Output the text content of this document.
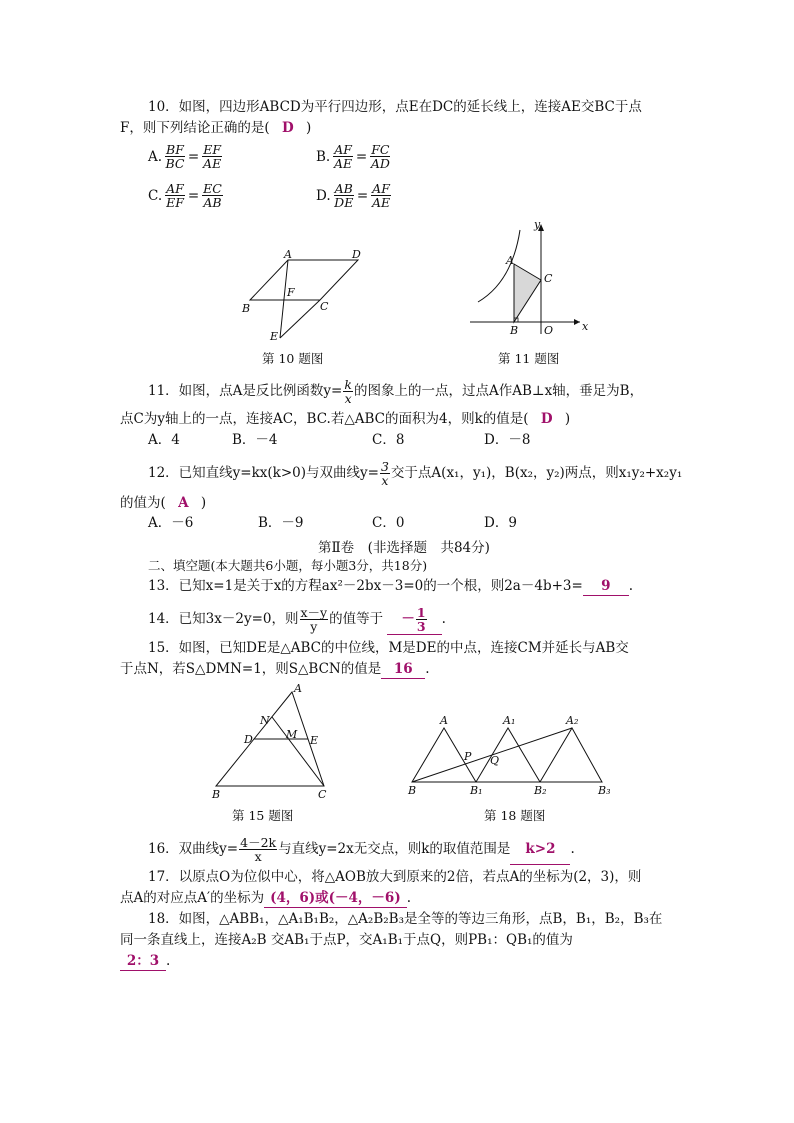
10．如图，四边形ABCD为平行四边形，点E在DC的延长线上，连接AE交BC于点
F，则下列结论正确的是( D )
A. $\frac{BF}{BC} = \frac{EF}{AE}$	B. $\frac{AF}{AE} = \frac{FC}{AD}$
C. $\frac{AF}{EF} = \frac{EC}{AB}$	D. $\frac{AB}{DE} = \frac{AF}{AE}$
A	D
F
B	C
E
第 10 题图
y
A
C
B O	x
第 11 题图
11．如图，点A是反比例函数$y= \frac{k}{x}$ 的图象上的一点，过点A作AB⊥x轴，垂足为B，
点C为y轴上的一点，连接AC，BC.若△ABC的面积为4，则k的值是( D )
A．4	B．－4	C．8	D．－8
12．已知直线y=kx(k>0)与双曲线$y= \frac{3}{x}$ 交于点A(x₁，y₁)，B(x₂，y₂)两点，则x₁y₂+x₂y₁
的值为( A )
A．－6	B．－9	C．0	D．9
第Ⅱ卷　(非选择题　共84分)
二、填空题(本大题共6小题，每小题3分，共18分)
13．已知x=1是关于x的方程ax²－2bx－3=0的一个根，则2a－4b+3= 9 .
14．已知3x－2y=0，则 $\frac{x-y}{y}$ 的值等于 － $\frac{1}{3}$ .
15．如图，已知DE是△ABC的中位线，M是DE的中点，连接CM并延长与AB交
于点N，若S△DMN=1，则S△BCN的值是 16 .
A
N
D	M E
B	C
第 15 题图
A	A₁	A₂
P Q
B	B₁	B₂	B₃
第 18 题图
16．双曲线$y= \frac{4-2k}{x}$ 与直线y=2x无交点，则k的取值范围是 k>2 .
17．以原点O为位似中心，将△AOB放大到原来的2倍，若点A的坐标为(2，3)，则
点A的对应点A′的坐标为 (4，6)或(－4，－6) .
18．如图，△ABB₁，△A₁B₁B₂，△A₂B₂B₃是全等的等边三角形，点B，B₁，B₂，B₃在
同一条直线上，连接A₂B 交AB₁于点P，交A₁B₁于点Q，则PB₁：QB₁的值为
2：3 .
